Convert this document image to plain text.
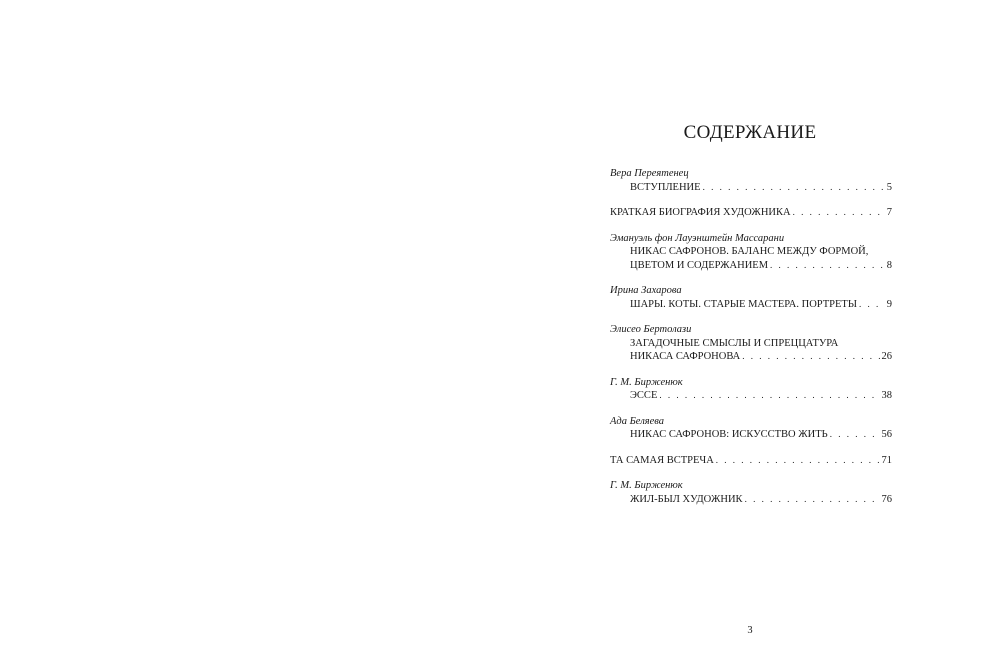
СОДЕРЖАНИЕ
Вера Переятенец
ВСТУПЛЕНИЕ . . .	5
КРАТКАЯ БИОГРАФИЯ ХУДОЖНИКА . . .	7
Эмануэль фон Лауэнштейн Массарани
НИКАС САФРОНОВ. БАЛАНС МЕЖДУ ФОРМОЙ,
ЦВЕТОМ И СОДЕРЖАНИЕМ . . .	8
Ирина Захарова
ШАРЫ. КОТЫ. СТАРЫЕ МАСТЕРА. ПОРТРЕТЫ . . .	9
Элисео Бертолази
ЗАГАДОЧНЫЕ СМЫСЛЫ И СПРЕЦЦАТУРА
НИКАСА САФРОНОВА . . .	26
Г. М. Бирженюк
ЭССЕ . . .	38
Ада Беляева
НИКАС САФРОНОВ: ИСКУССТВО ЖИТЬ . . .	56
ТА САМАЯ ВСТРЕЧА . . .	71
Г. М. Бирженюк
ЖИЛ-БЫЛ ХУДОЖНИК . . .	76
3
